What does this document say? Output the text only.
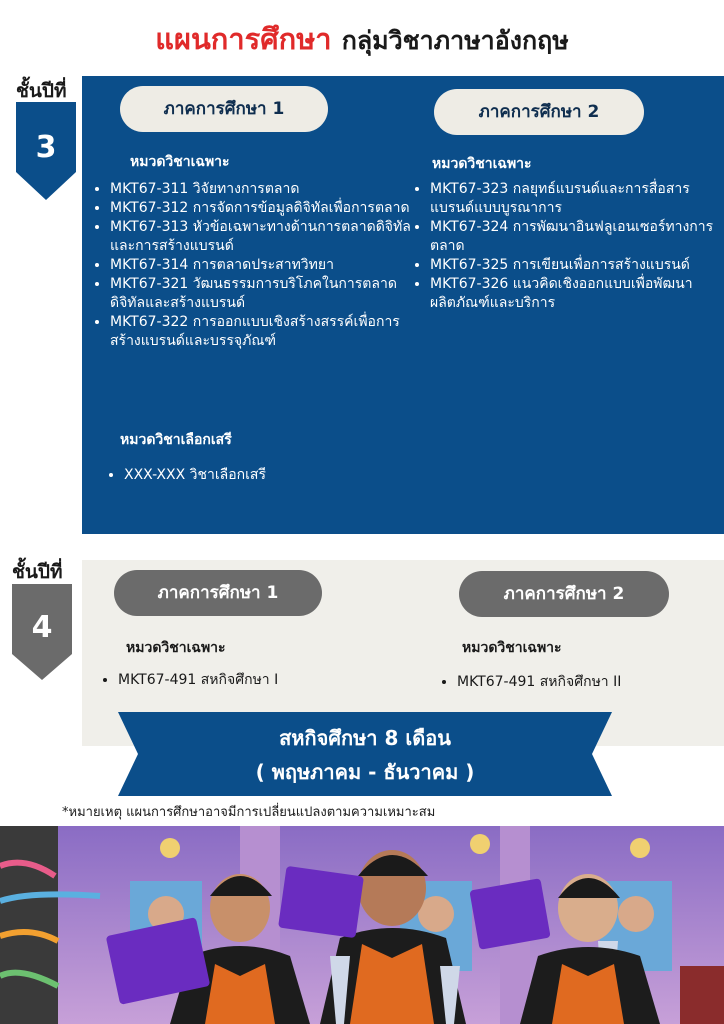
แผนการศึกษา กลุ่มวิชาภาษาอังกฤษ
ชั้นปีที่
3
ภาคการศึกษา 1
หมวดวิชาเฉพาะ
• MKT67-311 วิจัยทางการตลาด
• MKT67-312 การจัดการข้อมูลดิจิทัลเพื่อการตลาด
• MKT67-313 หัวข้อเฉพาะทางด้านการตลาดดิจิทัล
และการสร้างแบรนด์
• MKT67-314 การตลาดประสาทวิทยา
• MKT67-321 วัฒนธรรมการบริโภคในการตลาดดิจิทัลและสร้างแบรนด์
• MKT67-322 การออกแบบเชิงสร้างสรรค์เพื่อการสร้างแบรนด์และบรรจุภัณฑ์
หมวดวิชาเลือกเสรี
• XXX-XXX วิชาเลือกเสรี
ภาคการศึกษา 2
หมวดวิชาเฉพาะ
• MKT67-323 กลยุทธ์แบรนด์และการสื่อสารแบรนด์แบบบูรณาการ
• MKT67-324 การพัฒนาอินฟลูเอนเซอร์ทางการตลาด
• MKT67-325 การเขียนเพื่อการสร้างแบรนด์
• MKT67-326 แนวคิดเชิงออกแบบเพื่อพัฒนาผลิตภัณฑ์และบริการ
ชั้นปีที่
4
ภาคการศึกษา 1
หมวดวิชาเฉพาะ
• MKT67-491 สหกิจศึกษา I
ภาคการศึกษา 2
หมวดวิชาเฉพาะ
• MKT67-491 สหกิจศึกษา II
สหกิจศึกษา 8 เดือน
( พฤษภาคม - ธันวาคม )
*หมายเหตุ แผนการศึกษาอาจมีการเปลี่ยนแปลงตามความเหมาะสม
